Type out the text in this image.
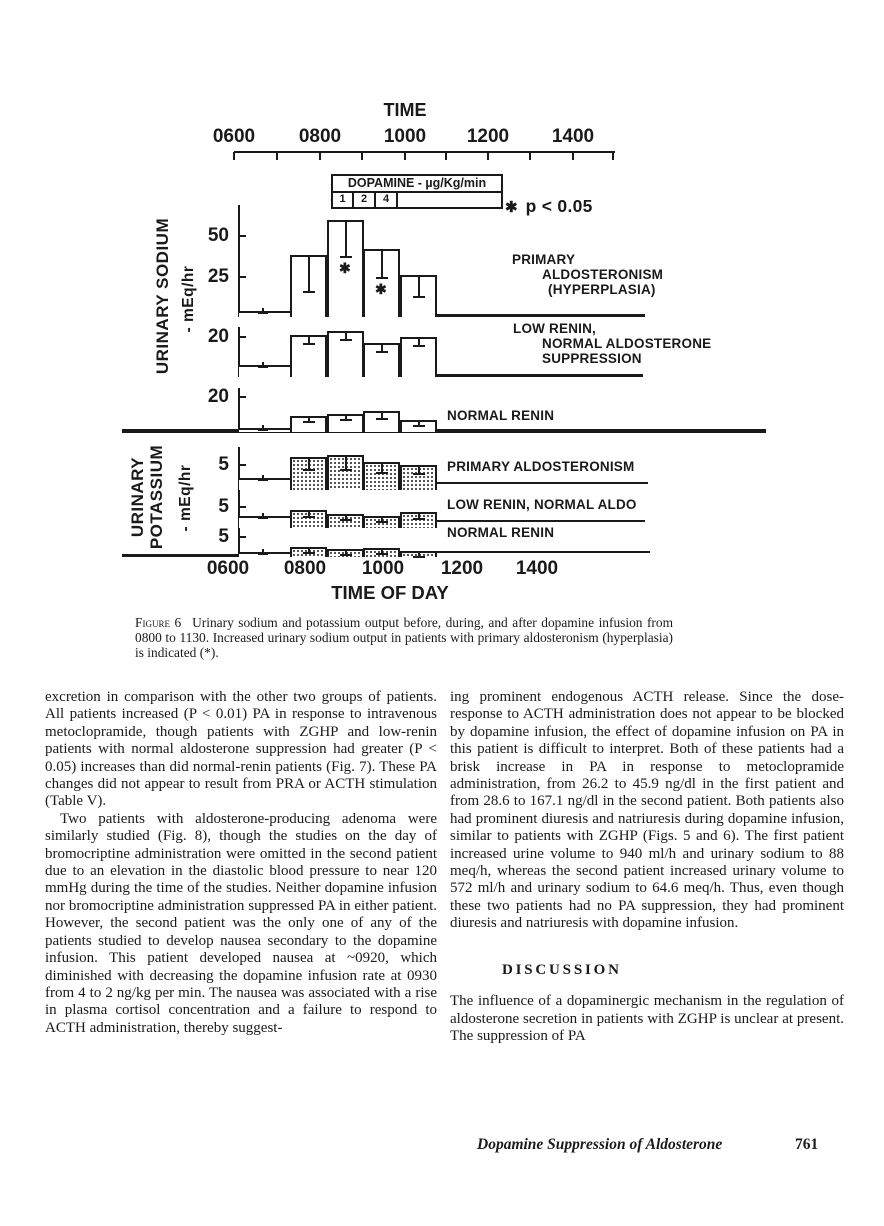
TIME
DOPAMINE - µg/Kg/min
1	2	4	✱ p < 0.05
URINARY SODIUM - mEq/hr
URINARY POTASSIUM - mEq/hr
TIME OF DAY
0600	0800	1000	1200	1400
50
25	✱
✱
PRIMARY
ALDOSTERONISM
(HYPERPLASIA)
20	LOW RENIN,
NORMAL ALDOSTERONE
SUPPRESSION
20
NORMAL RENIN
5	PRIMARY ALDOSTERONISM
5	LOW RENIN, NORMAL ALDO
5	NORMAL RENIN
0600	0800	1000	1200	1400
Figure 6 Urinary sodium and potassium output before, during, and after dopamine infusion from 0800 to 1130. Increased urinary sodium output in patients with primary aldosteronism (hyperplasia) is indicated (*).

excretion in comparison with the other two groups of patients. All patients increased (P < 0.01) PA in response to intravenous metoclopramide, though patients with ZGHP and low-renin patients with normal aldosterone suppression had greater (P < 0.05) increases than did normal-renin patients (Fig. 7). These PA changes did not appear to result from PRA or ACTH stimulation (Table V).

Two patients with aldosterone-producing adenoma were similarly studied (Fig. 8), though the studies on the day of bromocriptine administration were omitted in the second patient due to an elevation in the diastolic blood pressure to near 120 mmHg during the time of the studies. Neither dopamine infusion nor bromocriptine administration suppressed PA in either patient. However, the second patient was the only one of any of the patients studied to develop nausea secondary to the dopamine infusion. This patient developed nausea at ~0920, which diminished with decreasing the dopamine infusion rate at 0930 from 4 to 2 ng/kg per min. The nausea was associated with a rise in plasma cortisol concentration and a failure to respond to ACTH administration, thereby suggest-

ing prominent endogenous ACTH release. Since the dose-response to ACTH administration does not appear to be blocked by dopamine infusion, the effect of dopamine infusion on PA in this patient is difficult to interpret. Both of these patients had a brisk increase in PA in response to metoclopramide administration, from 26.2 to 45.9 ng/dl in the first patient and from 28.6 to 167.1 ng/dl in the second patient. Both patients also had prominent diuresis and natriuresis during dopamine infusion, similar to patients with ZGHP (Figs. 5 and 6). The first patient increased urine volume to 940 ml/h and urinary sodium to 88 meq/h, whereas the second patient increased urinary volume to 572 ml/h and urinary sodium to 64.6 meq/h. Thus, even though these two patients had no PA suppression, they had prominent diuresis and natriuresis with dopamine infusion.

DISCUSSION

The influence of a dopaminergic mechanism in the regulation of aldosterone secretion in patients with ZGHP is unclear at present. The suppression of PA

Dopamine Suppression of Aldosterone	761
